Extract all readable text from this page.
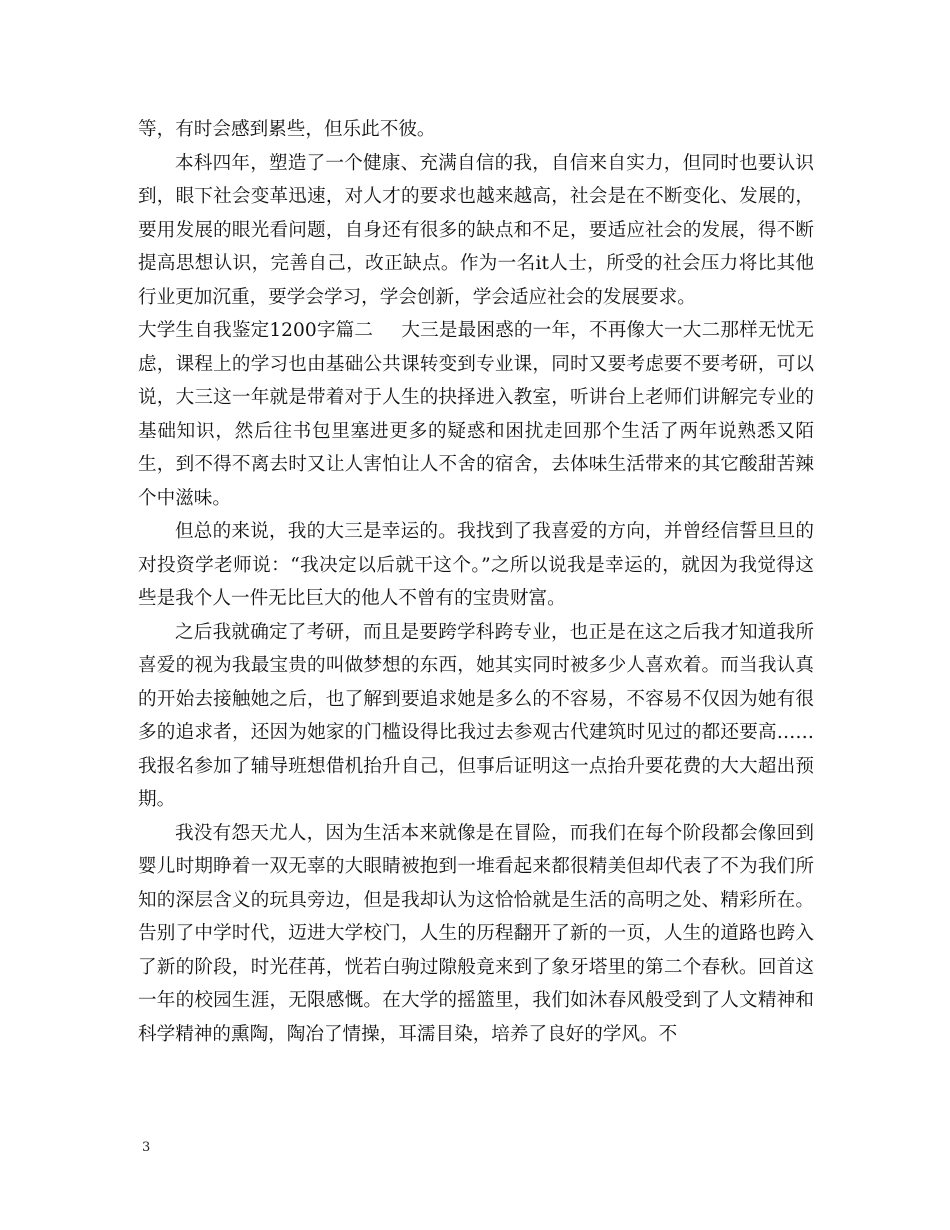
等，有时会感到累些，但乐此不彼。

本科四年，塑造了一个健康、充满自信的我，自信来自实力，但同时也要认识到，眼下社会变革迅速，对人才的要求也越来越高，社会是在不断变化、发展的，要用发展的眼光看问题，自身还有很多的缺点和不足，要适应社会的发展，得不断提高思想认识，完善自己，改正缺点。作为一名it人士，所受的社会压力将比其他行业更加沉重，要学会学习，学会创新，学会适应社会的发展要求。

大学生自我鉴定1200字篇二 大三是最困惑的一年，不再像大一大二那样无忧无虑，课程上的学习也由基础公共课转变到专业课，同时又要考虑要不要考研，可以说，大三这一年就是带着对于人生的抉择进入教室，听讲台上老师们讲解完专业的基础知识，然后往书包里塞进更多的疑惑和困扰走回那个生活了两年说熟悉又陌生，到不得不离去时又让人害怕让人不舍的宿舍，去体味生活带来的其它酸甜苦辣个中滋味。

但总的来说，我的大三是幸运的。我找到了我喜爱的方向，并曾经信誓旦旦的对投资学老师说：“我决定以后就干这个。”之所以说我是幸运的，就因为我觉得这些是我个人一件无比巨大的他人不曾有的宝贵财富。

之后我就确定了考研，而且是要跨学科跨专业，也正是在这之后我才知道我所喜爱的视为我最宝贵的叫做梦想的东西，她其实同时被多少人喜欢着。而当我认真的开始去接触她之后，也了解到要追求她是多么的不容易，不容易不仅因为她有很多的追求者，还因为她家的门槛设得比我过去参观古代建筑时见过的都还要高……我报名参加了辅导班想借机抬升自己，但事后证明这一点抬升要花费的大大超出预期。

我没有怨天尤人，因为生活本来就像是在冒险，而我们在每个阶段都会像回到婴儿时期睁着一双无辜的大眼睛被抱到一堆看起来都很精美但却代表了不为我们所知的深层含义的玩具旁边，但是我却认为这恰恰就是生活的高明之处、精彩所在。告别了中学时代，迈进大学校门，人生的历程翻开了新的一页，人生的道路也跨入了新的阶段，时光荏苒，恍若白驹过隙般竟来到了象牙塔里的第二个春秋。回首这一年的校园生涯，无限感慨。在大学的摇篮里，我们如沐春风般受到了人文精神和科学精神的熏陶，陶冶了情操，耳濡目染，培养了良好的学风。不

3
